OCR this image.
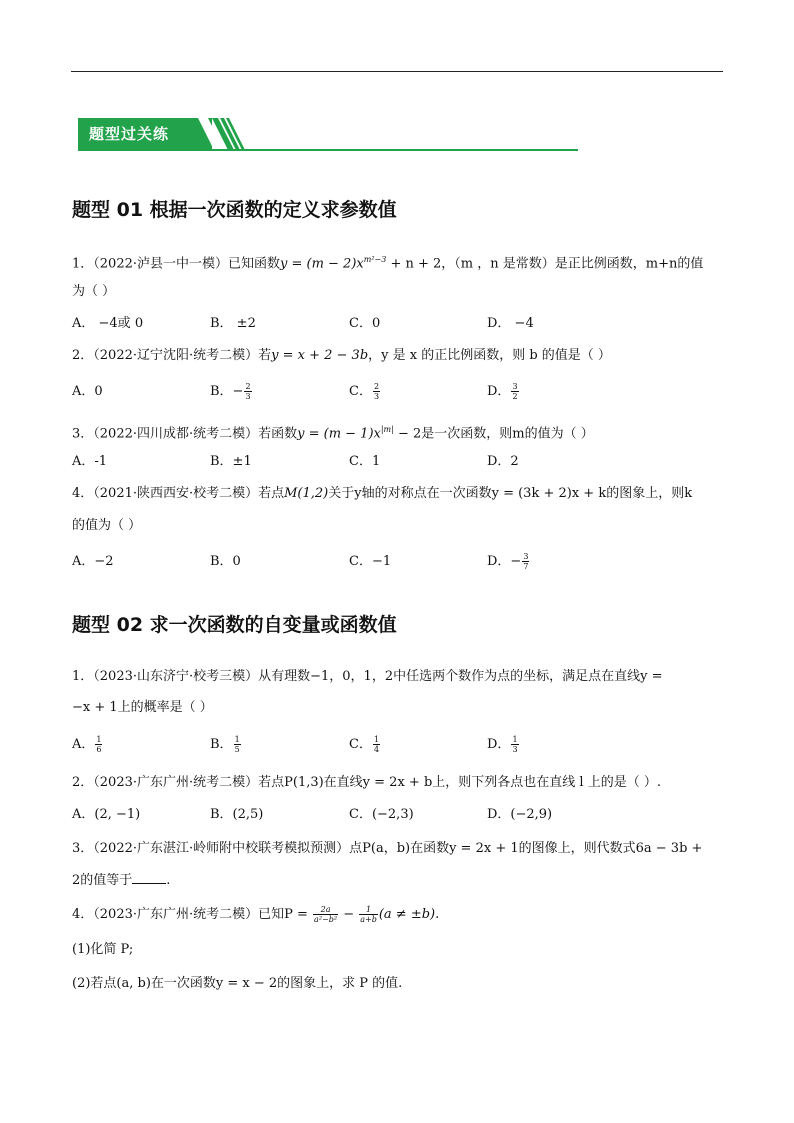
题型过关练
题型 01 根据一次函数的定义求参数值
1．（2022·泸县一中一模）已知函数$y = (m - 2)x^{m^2-3} + n + 2$，（m ，n 是常数）是正比例函数，m+n的值
为（ ）
A． −4或 0	B． ±2	C．0	D． −4
2．（2022·辽宁沈阳·统考二模）若y = x + 2 − 3b，y 是 x 的正比例函数，则 b 的值是（ ）
A．0	B．− $\frac{2}{3}$	C． $\frac{2}{3}$	D． $\frac{3}{2}$
3．（2022·四川成都·统考二模）若函数$y = (m - 1)x^{|m|} - 2$是一次函数，则m的值为（ ）
A．-1	B．±1	C．1	D．2
4．（2021·陕西西安·校考二模）若点M(1,2)关于y轴的对称点在一次函数y = (3k + 2)x + k的图象上，则k
的值为（ ）
A．−2	B．0	C．−1	D．− $\frac{3}{7}$
题型 02 求一次函数的自变量或函数值
1．（2023·山东济宁·校考三模）从有理数−1，0，1，2中任选两个数作为点的坐标，满足点在直线y =
−x + 1上的概率是（ ）
A． $\frac{1}{6}$	B． $\frac{1}{5}$	C． $\frac{1}{4}$	D． $\frac{1}{3}$
2．（2023·广东广州·统考二模）若点P(1,3)在直线y = 2x + b上，则下列各点也在直线 l 上的是（ ）.
A．(2, −1)	B．(2,5)	C．(−2,3)	D．(−2,9)
3．（2022·广东湛江·岭师附中校联考模拟预测）点P(a，b)在函数y = 2x + 1的图像上，则代数式6a − 3b +
2的值等于	.
4．（2023·广东广州·统考二模）已知$P = \frac{2a}{\text{a²−b²}} - \frac{1}{a+b} (a \ne \pm b)$.
(1)化简 P;
(2)若点(a, b)在一次函数y = x − 2的图象上，求 P 的值.
